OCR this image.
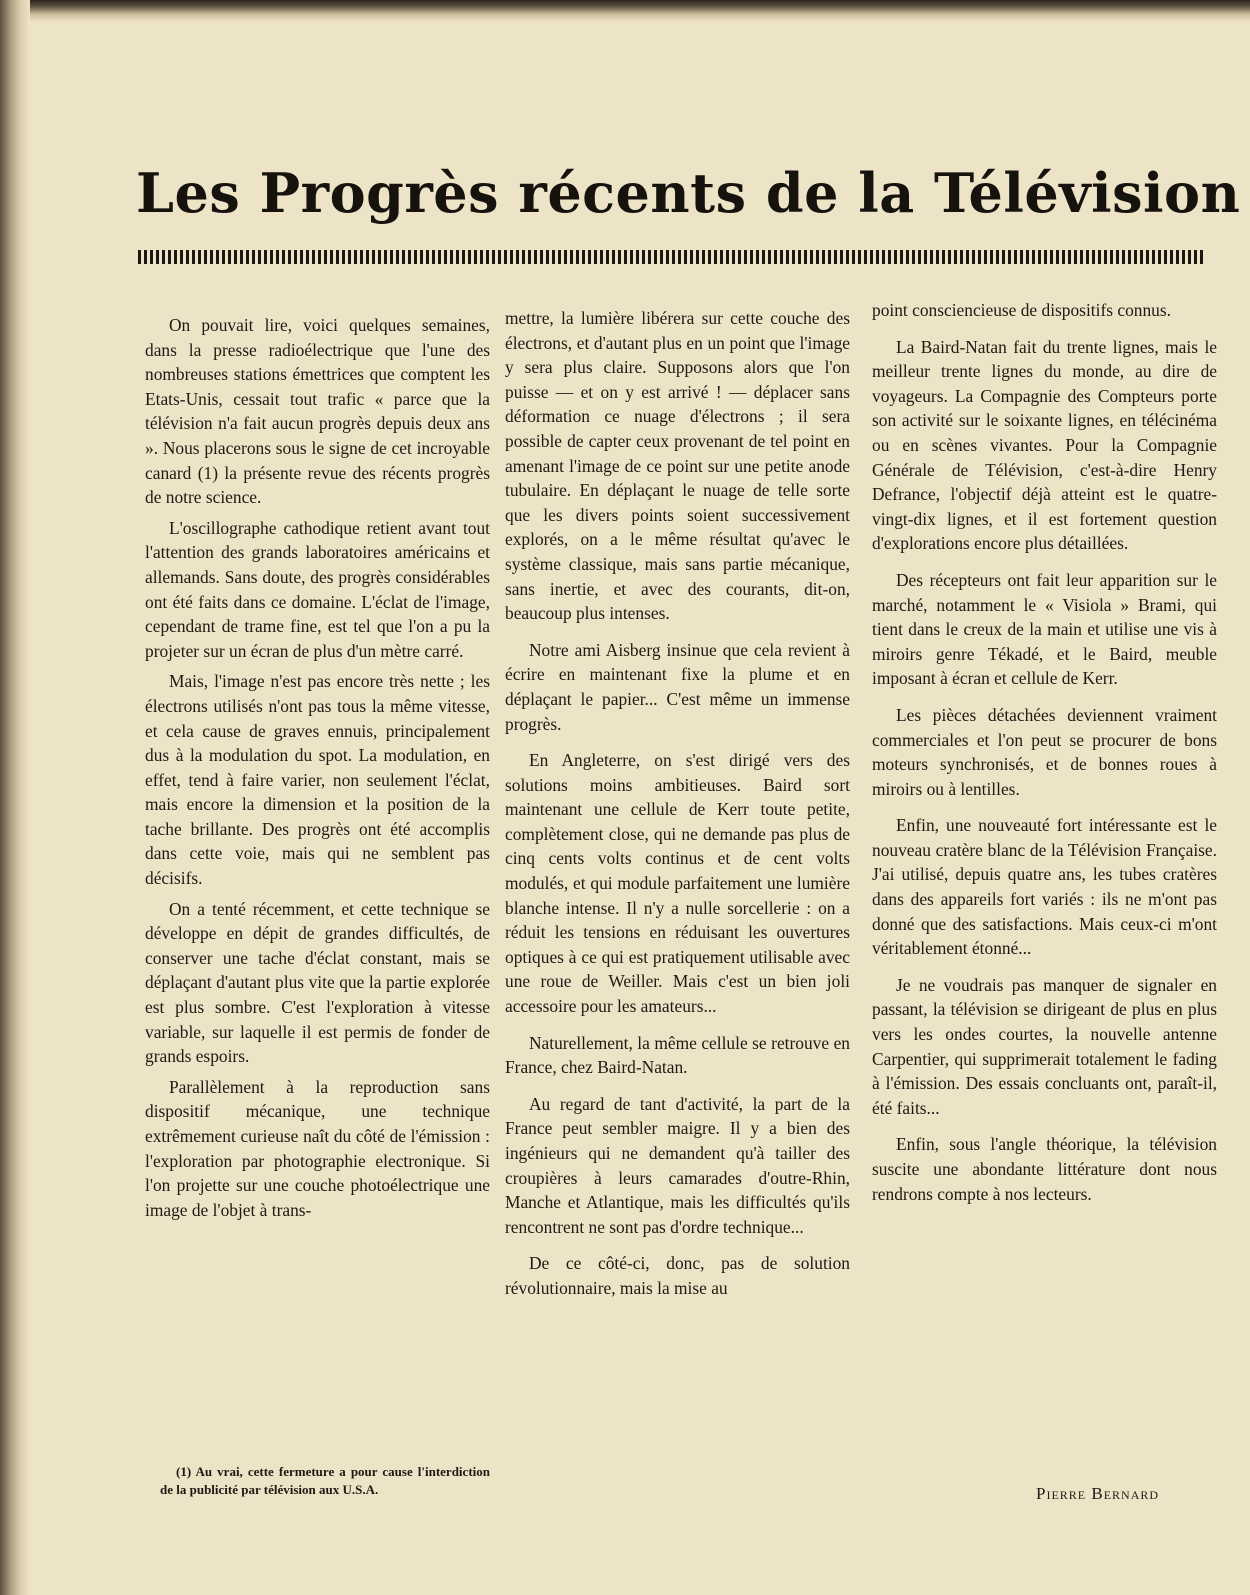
Les Progrès récents de la Télévision

On pouvait lire, voici quelques semaines, dans la presse radioélectrique que l'une des nombreuses stations émettrices que comptent les Etats-Unis, cessait tout trafic « parce que la télévision n'a fait aucun progrès depuis deux ans ». Nous placerons sous le signe de cet incroyable canard (1) la présente revue des récents progrès de notre science.

L'oscillographe cathodique retient avant tout l'attention des grands laboratoires américains et allemands. Sans doute, des progrès considérables ont été faits dans ce domaine. L'éclat de l'image, cependant de trame fine, est tel que l'on a pu la projeter sur un écran de plus d'un mètre carré.

Mais, l'image n'est pas encore très nette ; les électrons utilisés n'ont pas tous la même vitesse, et cela cause de graves ennuis, principalement dus à la modulation du spot. La modulation, en effet, tend à faire varier, non seulement l'éclat, mais encore la dimension et la position de la tache brillante. Des progrès ont été accomplis dans cette voie, mais qui ne semblent pas décisifs.

On a tenté récemment, et cette technique se développe en dépit de grandes difficultés, de conserver une tache d'éclat constant, mais se déplaçant d'autant plus vite que la partie explorée est plus sombre. C'est l'exploration à vitesse variable, sur laquelle il est permis de fonder de grands espoirs.

Parallèlement à la reproduction sans dispositif mécanique, une technique extrêmement curieuse naît du côté de l'émission : l'exploration par photographie electronique. Si l'on projette sur une couche photoélectrique une image de l'objet à trans-

mettre, la lumière libérera sur cette couche des électrons, et d'autant plus en un point que l'image y sera plus claire. Supposons alors que l'on puisse — et on y est arrivé ! — déplacer sans déformation ce nuage d'électrons ; il sera possible de capter ceux provenant de tel point en amenant l'image de ce point sur une petite anode tubulaire. En déplaçant le nuage de telle sorte que les divers points soient successivement explorés, on a le même résultat qu'avec le système classique, mais sans partie mécanique, sans inertie, et avec des courants, dit-on, beaucoup plus intenses.

Notre ami Aisberg insinue que cela revient à écrire en maintenant fixe la plume et en déplaçant le papier... C'est même un immense progrès.

En Angleterre, on s'est dirigé vers des solutions moins ambitieuses. Baird sort maintenant une cellule de Kerr toute petite, complètement close, qui ne demande pas plus de cinq cents volts continus et de cent volts modulés, et qui module parfaitement une lumière blanche intense. Il n'y a nulle sorcellerie : on a réduit les tensions en réduisant les ouvertures optiques à ce qui est pratiquement utilisable avec une roue de Weiller. Mais c'est un bien joli accessoire pour les amateurs...

Naturellement, la même cellule se retrouve en France, chez Baird-Natan.

Au regard de tant d'activité, la part de la France peut sembler maigre. Il y a bien des ingénieurs qui ne demandent qu'à tailler des croupières à leurs camarades d'outre-Rhin, Manche et Atlantique, mais les difficultés qu'ils rencontrent ne sont pas d'ordre technique...

De ce côté-ci, donc, pas de solution révolutionnaire, mais la mise au

point consciencieuse de dispositifs connus.

La Baird-Natan fait du trente lignes, mais le meilleur trente lignes du monde, au dire de voyageurs. La Compagnie des Compteurs porte son activité sur le soixante lignes, en télécinéma ou en scènes vivantes. Pour la Compagnie Générale de Télévision, c'est-à-dire Henry Defrance, l'objectif déjà atteint est le quatre-vingt-dix lignes, et il est fortement question d'explorations encore plus détaillées.

Des récepteurs ont fait leur apparition sur le marché, notamment le « Visiola » Brami, qui tient dans le creux de la main et utilise une vis à miroirs genre Tékadé, et le Baird, meuble imposant à écran et cellule de Kerr.

Les pièces détachées deviennent vraiment commerciales et l'on peut se procurer de bons moteurs synchronisés, et de bonnes roues à miroirs ou à lentilles.

Enfin, une nouveauté fort intéressante est le nouveau cratère blanc de la Télévision Française. J'ai utilisé, depuis quatre ans, les tubes cratères dans des appareils fort variés : ils ne m'ont pas donné que des satisfactions. Mais ceux-ci m'ont véritablement étonné...

Je ne voudrais pas manquer de signaler en passant, la télévision se dirigeant de plus en plus vers les ondes courtes, la nouvelle antenne Carpentier, qui supprimerait totalement le fading à l'émission. Des essais concluants ont, paraît-il, été faits...

Enfin, sous l'angle théorique, la télévision suscite une abondante littérature dont nous rendrons compte à nos lecteurs.

(1) Au vrai, cette fermeture a pour cause l'interdiction de la publicité par télévision aux U.S.A.	Pierre Bernard
